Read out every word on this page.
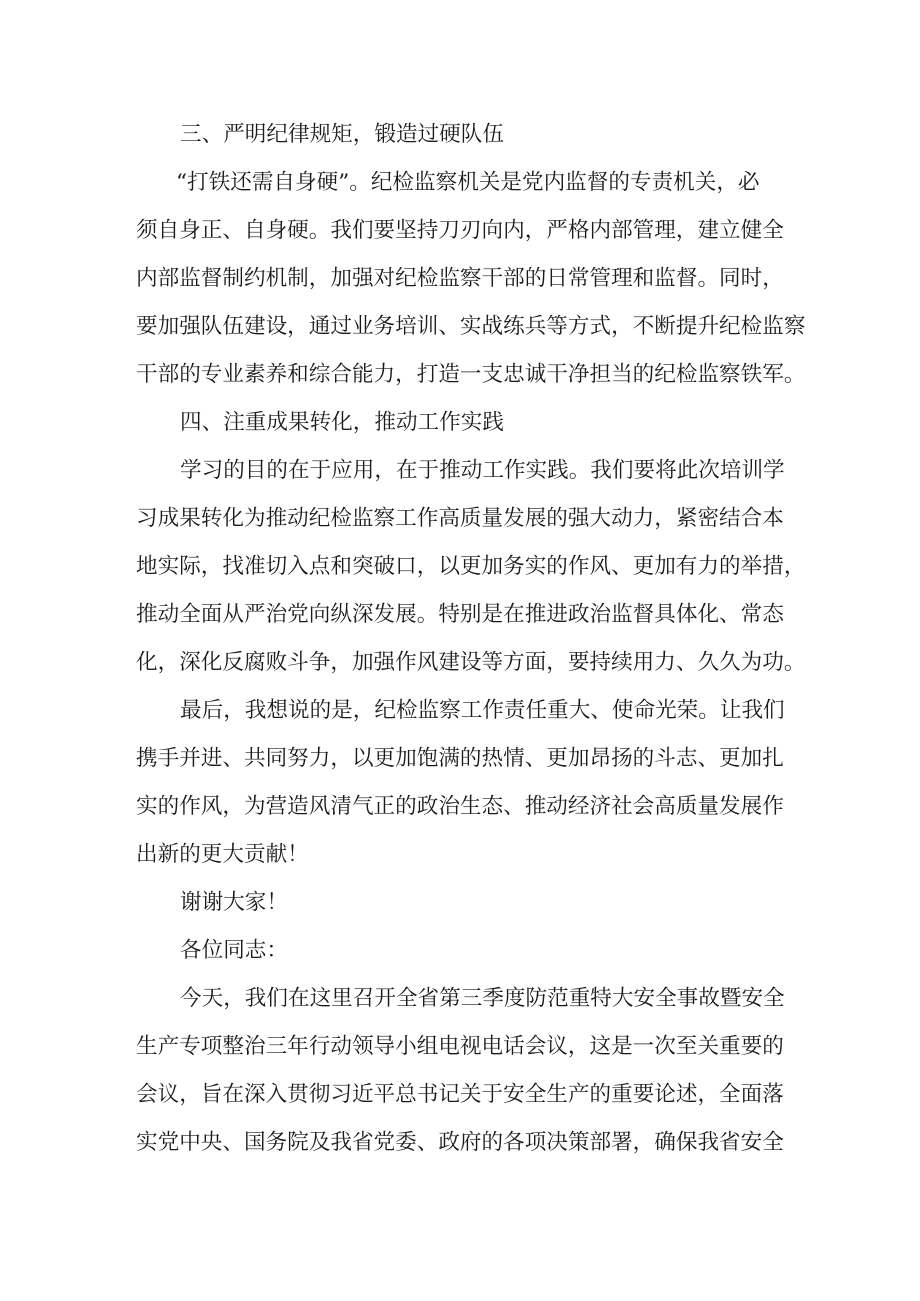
三、严明纪律规矩，锻造过硬队伍
“打铁还需自身硬”。纪检监察机关是党内监督的专责机关，必
须自身正、自身硬。我们要坚持刀刃向内，严格内部管理，建立健全
内部监督制约机制，加强对纪检监察干部的日常管理和监督。同时，
要加强队伍建设，通过业务培训、实战练兵等方式，不断提升纪检监察
干部的专业素养和综合能力，打造一支忠诚干净担当的纪检监察铁军。
四、注重成果转化，推动工作实践
学习的目的在于应用，在于推动工作实践。我们要将此次培训学
习成果转化为推动纪检监察工作高质量发展的强大动力，紧密结合本
地实际，找准切入点和突破口，以更加务实的作风、更加有力的举措，
推动全面从严治党向纵深发展。特别是在推进政治监督具体化、常态
化，深化反腐败斗争，加强作风建设等方面，要持续用力、久久为功。
最后，我想说的是，纪检监察工作责任重大、使命光荣。让我们
携手并进、共同努力，以更加饱满的热情、更加昂扬的斗志、更加扎
实的作风，为营造风清气正的政治生态、推动经济社会高质量发展作
出新的更大贡献！
谢谢大家！
各位同志：
今天，我们在这里召开全省第三季度防范重特大安全事故暨安全
生产专项整治三年行动领导小组电视电话会议，这是一次至关重要的
会议，旨在深入贯彻习近平总书记关于安全生产的重要论述，全面落
实党中央、国务院及我省党委、政府的各项决策部署，确保我省安全
